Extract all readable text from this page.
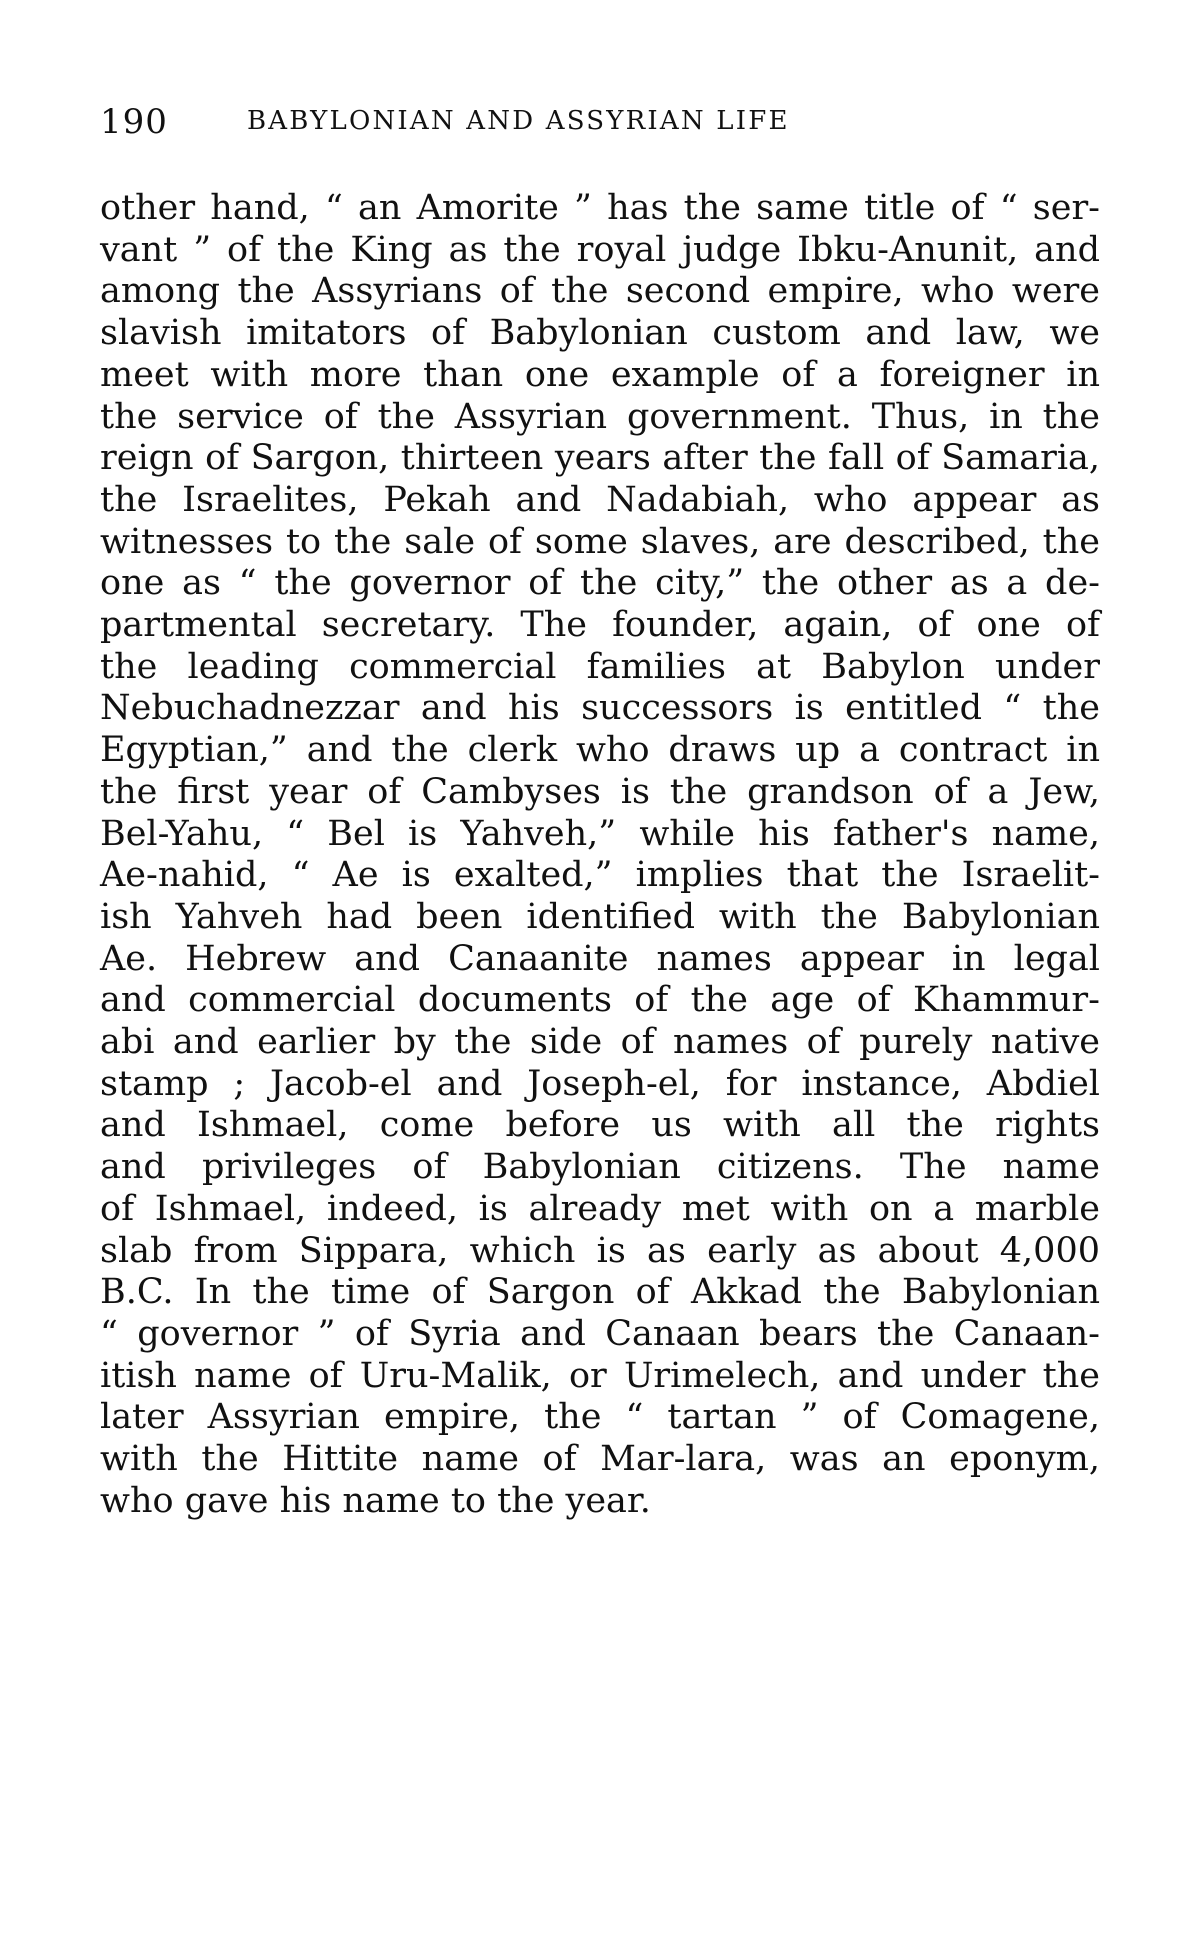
190	BABYLONIAN AND ASSYRIAN LIFE
other hand, “ an Amorite ” has the same title of “ ser-
vant ” of the King as the royal judge Ibku-Anunit, and
among the Assyrians of the second empire, who were
slavish imitators of Babylonian custom and law, we
meet with more than one example of a foreigner in
the service of the Assyrian government. Thus, in the
reign of Sargon, thirteen years after the fall of Samaria,
the Israelites, Pekah and Nadabiah, who appear as
witnesses to the sale of some slaves, are described, the
one as “ the governor of the city,” the other as a de-
partmental secretary. The founder, again, of one of
the leading commercial families at Babylon under
Nebuchadnezzar and his successors is entitled “ the
Egyptian,” and the clerk who draws up a contract in
the first year of Cambyses is the grandson of a Jew,
Bel-Yahu, “ Bel is Yahveh,” while his father's name,
Ae-nahid, “ Ae is exalted,” implies that the Israelit-
ish Yahveh had been identified with the Babylonian
Ae. Hebrew and Canaanite names appear in legal
and commercial documents of the age of Khammur-
abi and earlier by the side of names of purely native
stamp ; Jacob-el and Joseph-el, for instance, Abdiel
and Ishmael, come before us with all the rights
and privileges of Babylonian citizens. The name
of Ishmael, indeed, is already met with on a marble
slab from Sippara, which is as early as about 4,000
B.C. In the time of Sargon of Akkad the Babylonian
“ governor ” of Syria and Canaan bears the Canaan-
itish name of Uru-Malik, or Urimelech, and under the
later Assyrian empire, the “ tartan ” of Comagene,
with the Hittite name of Mar-lara, was an eponym,
who gave his name to the year.
